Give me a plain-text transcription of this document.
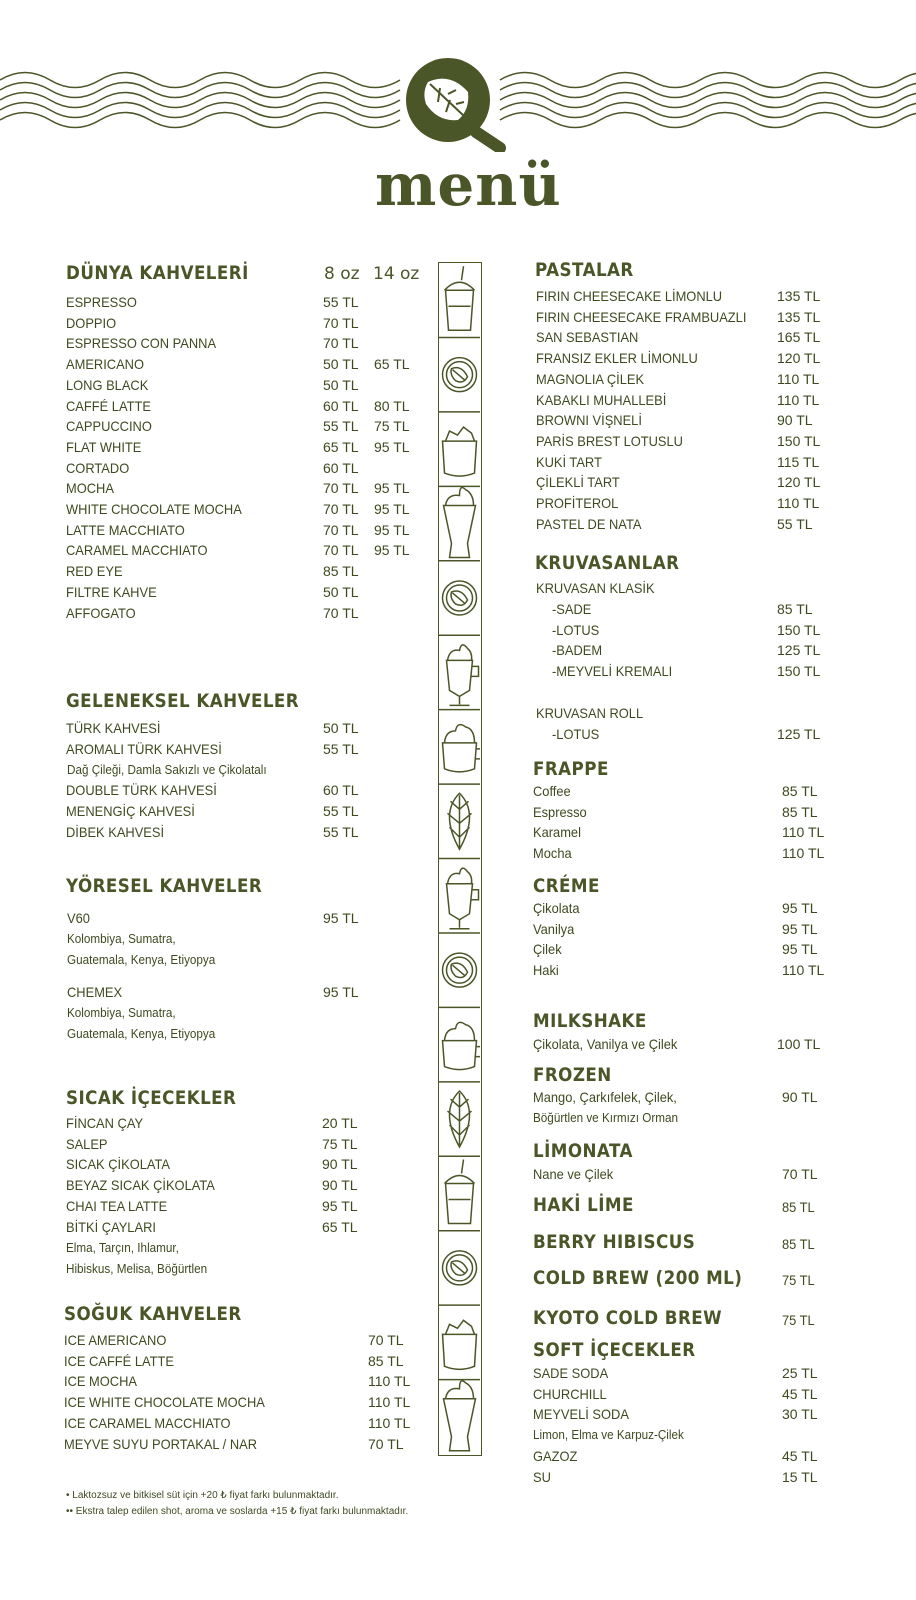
menü
DÜNYA KAHVELERİ	8 oz 14 oz
ESPRESSO	55 TL
DOPPIO	70 TL
ESPRESSO CON PANNA	70 TL
AMERICANO	50 TL 65 TL
LONG BLACK	50 TL
CAFFÉ LATTE	60 TL 80 TL
CAPPUCCINO	55 TL 75 TL
FLAT WHITE	65 TL 95 TL
CORTADO	60 TL
MOCHA	70 TL 95 TL
WHITE CHOCOLATE MOCHA	70 TL 95 TL
LATTE MACCHIATO	70 TL 95 TL
CARAMEL MACCHIATO	70 TL 95 TL
RED EYE	85 TL
FILTRE KAHVE	50 TL
AFFOGATO	70 TL
GELENEKSEL KAHVELER
TÜRK KAHVESİ	50 TL
AROMALI TÜRK KAHVESİ	55 TL
DOUBLE TÜRK KAHVESİ	60 TL
MENENGİÇ KAHVESİ	55 TL
DİBEK KAHVESİ	55 TL
Dağ Çileği, Damla Sakızlı ve Çikolatalı
YÖRESEL KAHVELER
V60	95 TL
Kolombiya, Sumatra,
Guatemala, Kenya, Etiyopya
CHEMEX	95 TL
Kolombiya, Sumatra,
Guatemala, Kenya, Etiyopya
SICAK İÇECEKLER
FİNCAN ÇAY	20 TL
SALEP	75 TL
SICAK ÇİKOLATA	90 TL
BEYAZ SICAK ÇİKOLATA	90 TL
CHAI TEA LATTE	95 TL
BİTKİ ÇAYLARI	65 TL
Elma, Tarçın, Ihlamur,
Hibiskus, Melisa, Böğürtlen
SOĞUK KAHVELER
ICE AMERICANO	70 TL
ICE CAFFÉ LATTE	85 TL
ICE MOCHA	110 TL
ICE WHITE CHOCOLATE MOCHA	110 TL
ICE CARAMEL MACCHIATO	110 TL
MEYVE SUYU PORTAKAL / NAR	70 TL
• Laktozsuz ve bitkisel süt için +20 ₺ fiyat farkı bulunmaktadır.
•• Ekstra talep edilen shot, aroma ve soslarda +15 ₺ fiyat farkı bulunmaktadır.
PASTALAR
FIRIN CHEESECAKE LİMONLU	135 TL
FIRIN CHEESECAKE FRAMBUAZLI 135 TL
SAN SEBASTIAN	165 TL
FRANSIZ EKLER LİMONLU	120 TL
MAGNOLIA ÇİLEK	110 TL
KABAKLI MUHALLEBİ	110 TL
BROWNI VİŞNELİ	90 TL
PARİS BREST LOTUSLU	150 TL
KUKİ TART	115 TL
ÇİLEKLİ TART	120 TL
PROFİTEROL	110 TL
PASTEL DE NATA	55 TL
KRUVASANLAR
KRUVASAN KLASİK
-SADE	85 TL
-LOTUS	150 TL
-BADEM	125 TL
-MEYVELİ KREMALI	150 TL
KRUVASAN ROLL
-LOTUS	125 TL
FRAPPE
Coffee	85 TL
Espresso	85 TL
Karamel	110 TL
Mocha	110 TL
CRÉME
Çikolata	95 TL
Vanilya	95 TL
Çilek	95 TL
Haki	110 TL
MILKSHAKE
Çikolata, Vanilya ve Çilek	100 TL
FROZEN
Mango, Çarkıfelek, Çilek,	90 TL
Böğürtlen ve Kırmızı Orman
LİMONATA
Nane ve Çilek	70 TL
HAKİ LİME	85 TL
BERRY HIBISCUS	85 TL
COLD BREW (200 ML)	75 TL
KYOTO COLD BREW	75 TL
SOFT İÇECEKLER
SADE SODA	25 TL
CHURCHILL	45 TL
MEYVELİ SODA	30 TL
Limon, Elma ve Karpuz-Çilek
GAZOZ	45 TL
SU	15 TL
